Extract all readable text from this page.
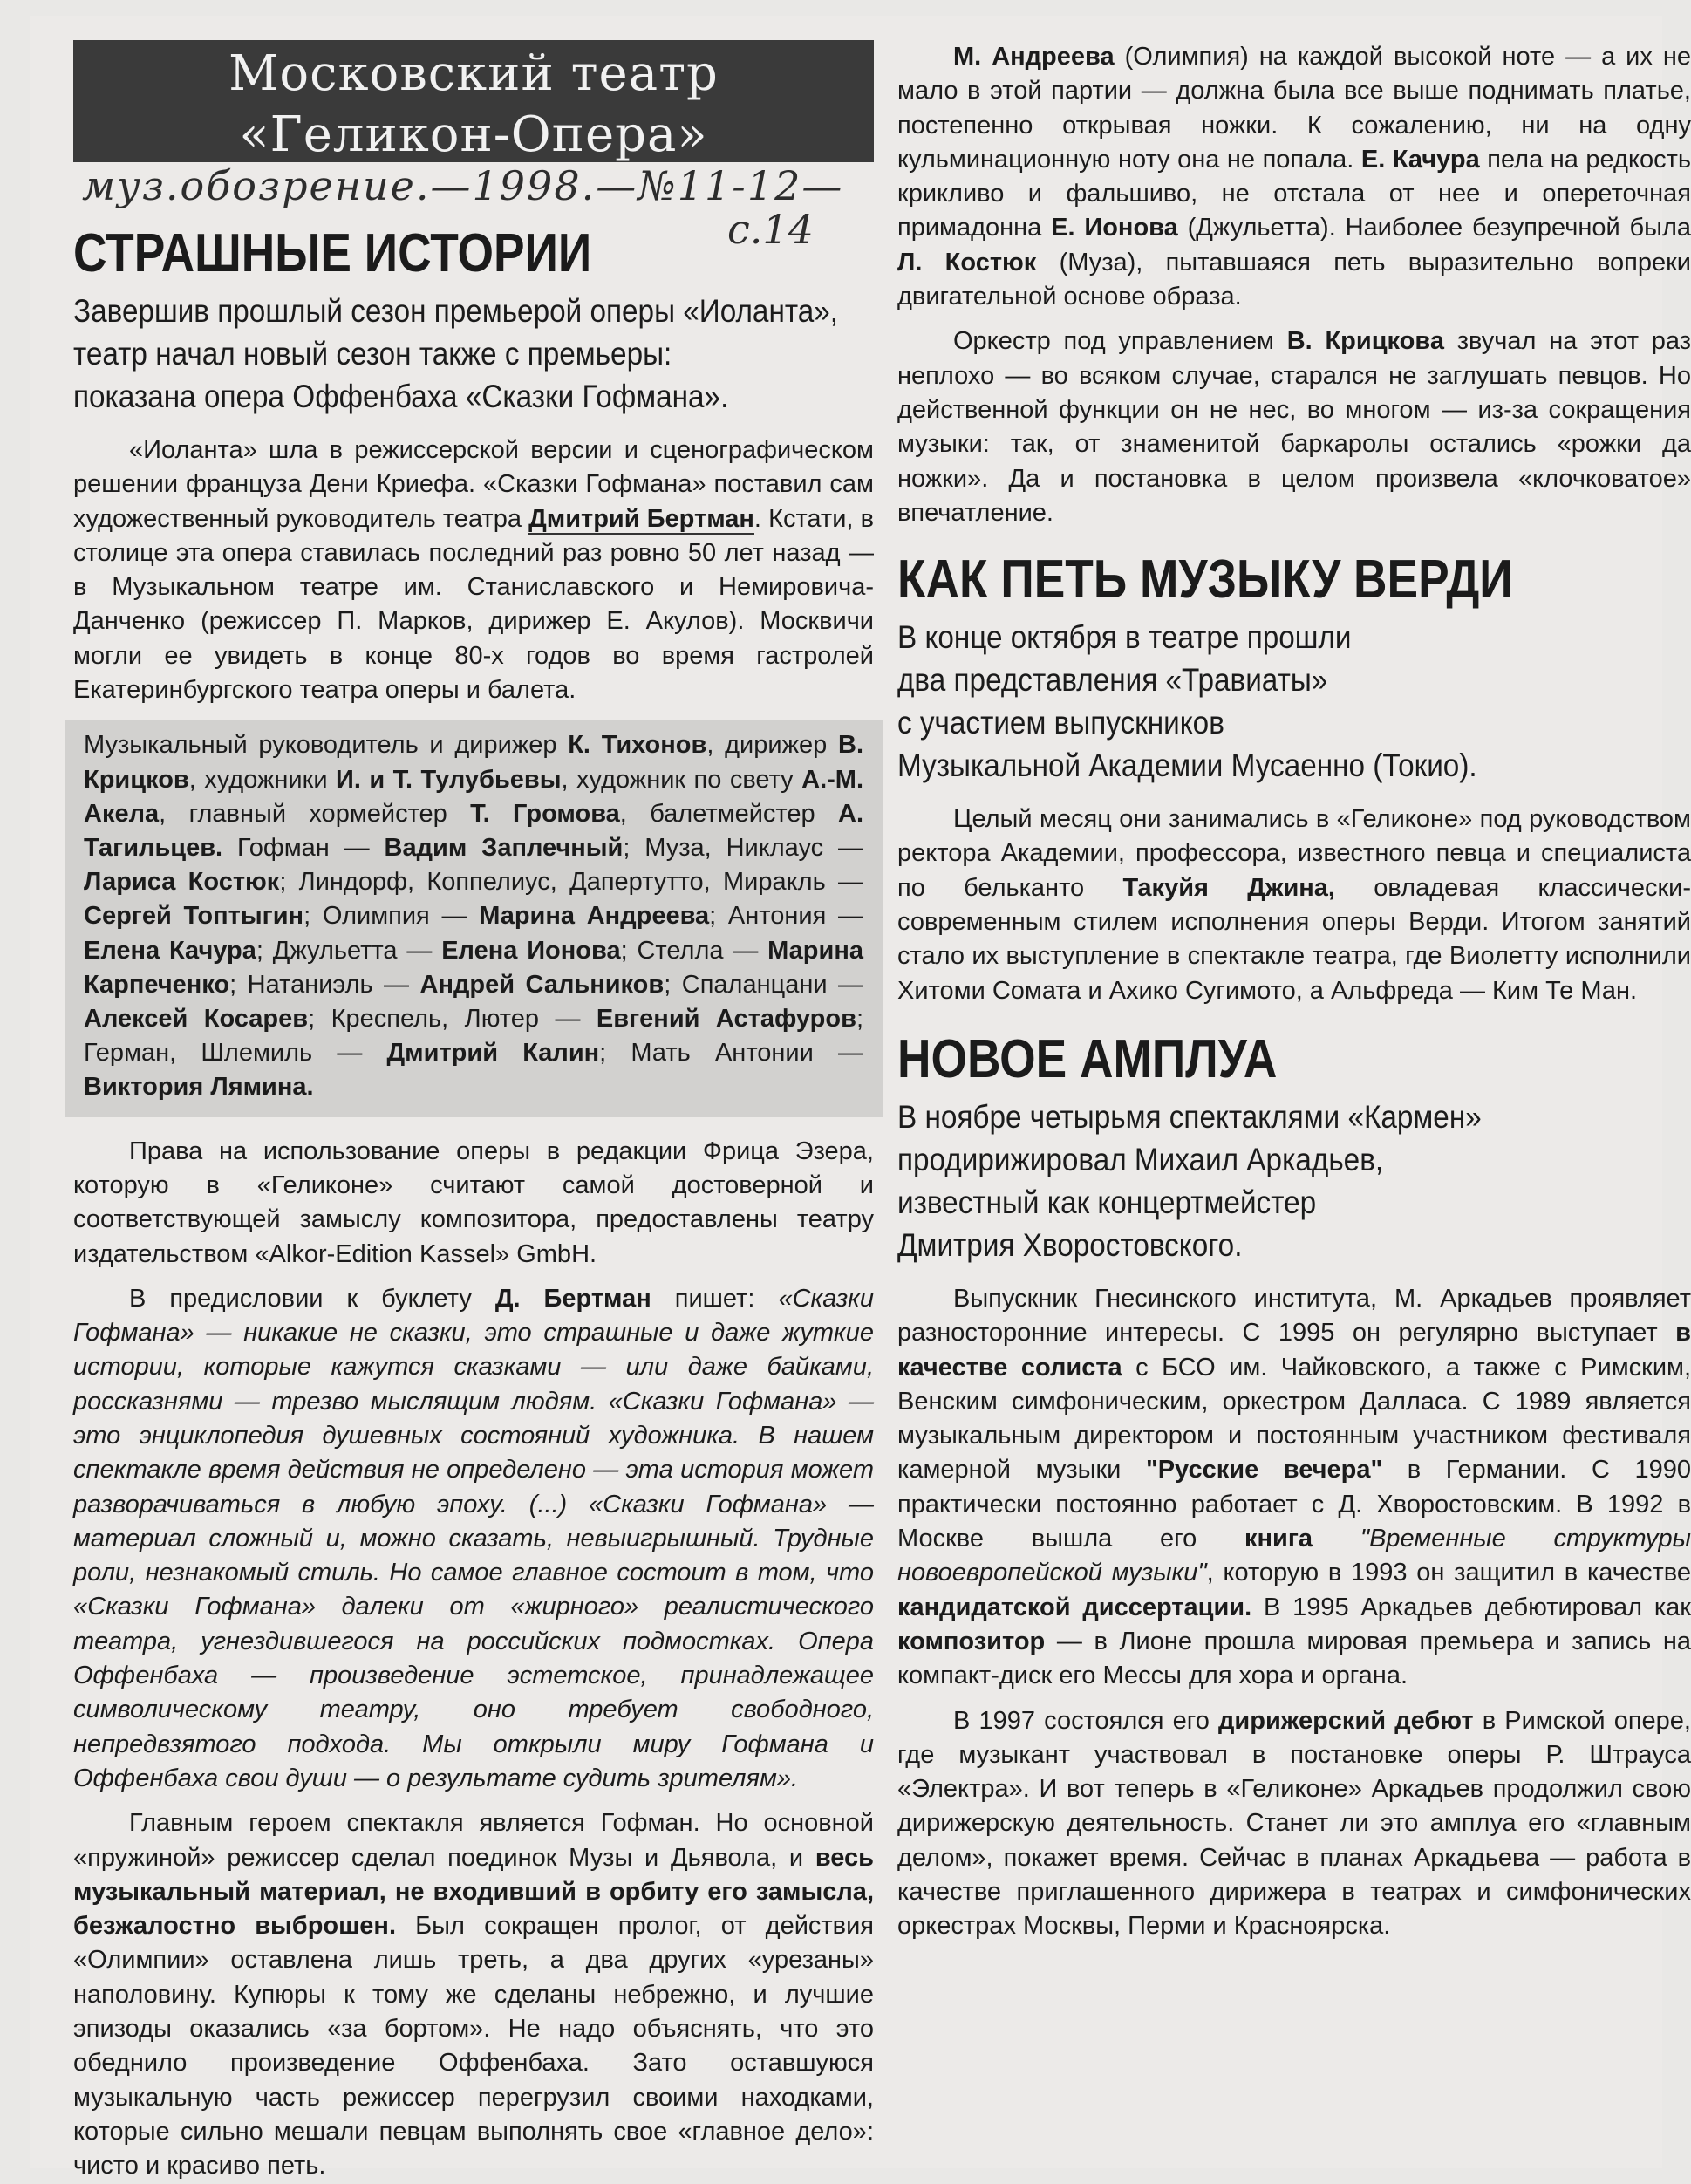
Московский театр
«Геликон-Опера»
муз.обозрение.—1998.—№11-12—
с.14
СТРАШНЫЕ ИСТОРИИ
Завершив прошлый сезон премьерой оперы «Иоланта»,
театр начал новый сезон также с премьеры:
показана опера Оффенбаха «Сказки Гофмана».

«Иоланта» шла в режиссерской версии и сценографическом решении француза Дени Криефа. «Сказки Гофмана» поставил сам художественный руководитель театра Дмитрий Бертман. Кстати, в столице эта опера ставилась последний раз ровно 50 лет назад — в Музыкальном театре им. Станиславского и Немировича-Данченко (режиссер П. Марков, дирижер Е. Акулов). Москвичи могли ее увидеть в конце 80-х годов во время гастролей Екатеринбургского театра оперы и балета.

Музыкальный руководитель и дирижер К. Тихонов, дирижер В. Крицков, художники И. и Т. Тулубьевы, художник по свету А.-М. Акела, главный хормейстер Т. Громова, балетмейстер А. Тагильцев. Гофман — Вадим Заплечный; Муза, Никлаус — Лариса Костюк; Линдорф, Коппелиус, Дапертутто, Миракль — Сергей Топтыгин; Олимпия — Марина Андреева; Антония — Елена Качура; Джульетта — Елена Ионова; Стелла — Марина Карпеченко; Натаниэль — Андрей Сальников; Спаланцани — Алексей Косарев; Креспель, Лютер — Евгений Астафуров; Герман, Шлемиль — Дмитрий Калин; Мать Антонии — Виктория Лямина.

Права на использование оперы в редакции Фрица Эзера, которую в «Геликоне» считают самой достоверной и соответствующей замыслу композитора, предоставлены театру издательством «Alkor-Edition Kassel» GmbH.

В предисловии к буклету Д. Бертман пишет: «Сказки Гофмана» — никакие не сказки, это страшные и даже жуткие истории, которые кажутся сказками — или даже байками, россказнями — трезво мыслящим людям. «Сказки Гофмана» — это энциклопедия душевных состояний художника. В нашем спектакле время действия не определено — эта история может разворачиваться в любую эпоху. (...) «Сказки Гофмана» — материал сложный и, можно сказать, невыигрышный. Трудные роли, незнакомый стиль. Но самое главное состоит в том, что «Сказки Гофмана» далеки от «жирного» реалистического театра, угнездившегося на российских подмостках. Опера Оффенбаха — произведение эстетское, принадлежащее символическому театру, оно требует свободного, непредвзятого подхода. Мы открыли миру Гофмана и Оффенбаха свои души — о результате судить зрителям».

Главным героем спектакля является Гофман. Но основной «пружиной» режиссер сделал поединок Музы и Дьявола, и весь музыкальный материал, не входивший в орбиту его замысла, безжалостно выброшен. Был сокращен пролог, от действия «Олимпии» оставлена лишь треть, а два других «урезаны» наполовину. Купюры к тому же сделаны небрежно, и лучшие эпизоды оказались «за бортом». Не надо объяснять, что это обеднило произведение Оффенбаха. Зато оставшуюся музыкальную часть режиссер перегрузил своими находками, которые сильно мешали певцам выполнять свое «главное дело»: чисто и красиво петь.

М. Андреева (Олимпия) на каждой высокой ноте — а их не мало в этой партии — должна была все выше поднимать платье, постепенно открывая ножки. К сожалению, ни на одну кульминационную ноту она не попала. Е. Качура пела на редкость крикливо и фальшиво, не отстала от нее и опереточная примадонна Е. Ионова (Джульетта). Наиболее безупречной была Л. Костюк (Муза), пытавшаяся петь выразительно вопреки двигательной основе образа.

Оркестр под управлением В. Крицкова звучал на этот раз неплохо — во всяком случае, старался не заглушать певцов. Но действенной функции он не нес, во многом — из-за сокращения музыки: так, от знаменитой баркаролы остались «рожки да ножки». Да и постановка в целом произвела «клочковатое» впечатление.

КАК ПЕТЬ МУЗЫКУ ВЕРДИ
В конце октября в театре прошли
два представления «Травиаты»
с участием выпускников
Музыкальной Академии Мусаенно (Токио).

Целый месяц они занимались в «Геликоне» под руководством ректора Академии, профессора, известного певца и специалиста по бельканто Такуйя Джина, овладевая классически-современным стилем исполнения оперы Верди. Итогом занятий стало их выступление в спектакле театра, где Виолетту исполнили Хитоми Сомата и Ахико Сугимото, а Альфреда — Ким Те Ман.

НОВОЕ АМПЛУА
В ноябре четырьмя спектаклями «Кармен»
продирижировал Михаил Аркадьев,
известный как концертмейстер
Дмитрия Хворостовского.

Выпускник Гнесинского института, М. Аркадьев проявляет разносторонние интересы. С 1995 он регулярно выступает в качестве солиста с БСО им. Чайковского, а также с Римским, Венским симфоническим, оркестром Далласа. С 1989 является музыкальным директором и постоянным участником фестиваля камерной музыки "Русские вечера" в Германии. С 1990 практически постоянно работает с Д. Хворостовским. В 1992 в Москве вышла его книга "Временные структуры новоевропейской музыки", которую в 1993 он защитил в качестве кандидатской диссертации. В 1995 Аркадьев дебютировал как композитор — в Лионе прошла мировая премьера и запись на компакт-диск его Мессы для хора и органа.

В 1997 состоялся его дирижерский дебют в Римской опере, где музыкант участвовал в постановке оперы Р. Штрауса «Электра». И вот теперь в «Геликоне» Аркадьев продолжил свою дирижерскую деятельность. Станет ли это амплуа его «главным делом», покажет время. Сейчас в планах Аркадьева — работа в качестве приглашенного дирижера в театрах и симфонических оркестрах Москвы, Перми и Красноярска.
